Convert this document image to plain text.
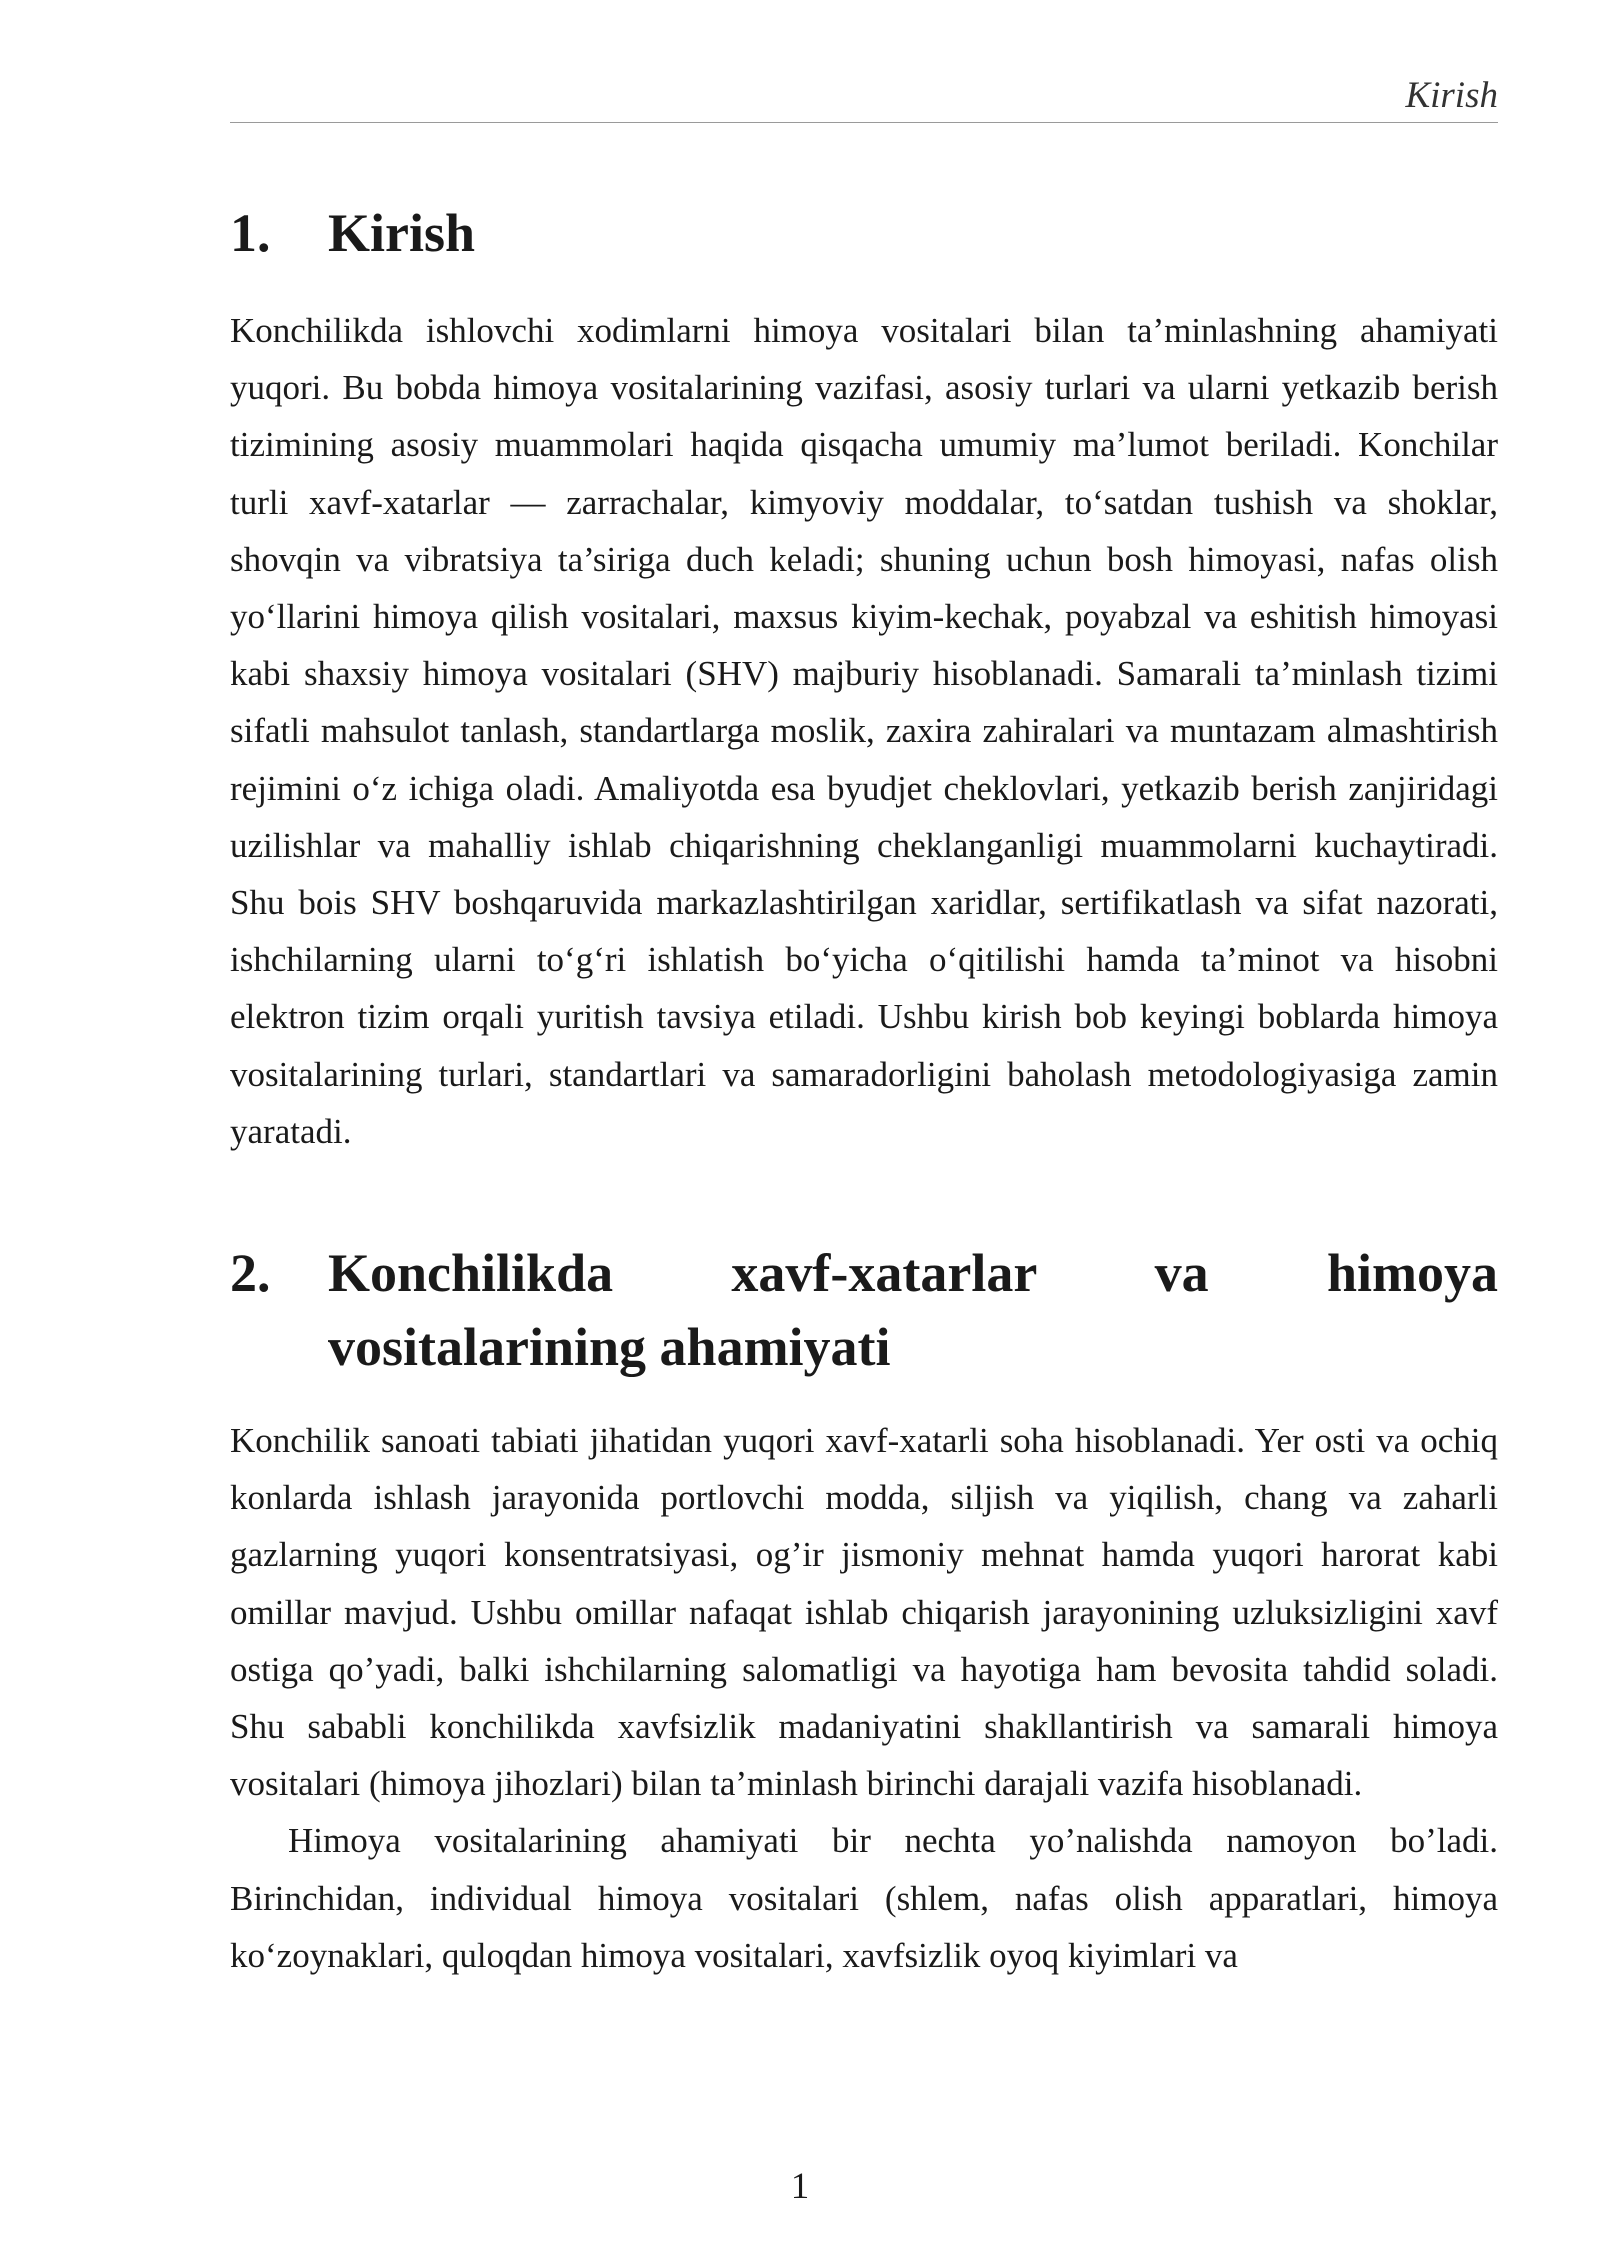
Kirish
1.	Kirish

Konchilikda ishlovchi xodimlarni himoya vositalari bilan ta’minlashning ahamiyati yuqori. Bu bobda himoya vositalarining vazifasi, asosiy turlari va ularni yetkazib berish tizimining asosiy muammolari haqida qisqacha umumiy ma’lumot beriladi. Konchilar turli xavf-xatarlar — zarrachalar, kimyoviy moddalar, to‘satdan tushish va shoklar, shovqin va vibratsiya ta’siriga duch keladi; shuning uchun bosh himoyasi, nafas olish yo‘llarini himoya qilish vositalari, maxsus kiyim-kechak, poyabzal va eshitish himoyasi kabi shaxsiy himoya vositalari (SHV) majburiy hisoblanadi. Samarali ta’minlash tizimi sifatli mahsulot tanlash, standartlarga moslik, zaxira zahiralari va muntazam almashtirish rejimini o‘z ichiga oladi. Amaliyotda esa byudjet cheklovlari, yetkazib berish zanjiridagi uzilishlar va mahalliy ishlab chiqarishning cheklanganligi muammolarni kuchaytiradi. Shu bois SHV boshqaruvida markazlashtirilgan xaridlar, sertifikatlash va sifat nazorati, ishchilarning ularni to‘g‘ri ishlatish bo‘yicha o‘qitilishi hamda ta’minot va hisobni elektron tizim orqali yuritish tavsiya etiladi. Ushbu kirish bob keyingi boblarda himoya vositalarining turlari, standartlari va samaradorligini baholash metodologiyasiga zamin yaratadi.

2.	Konchilikda xavf-xatarlar va himoya vositalarining ahamiyati

Konchilik sanoati tabiati jihatidan yuqori xavf-xatarli soha hisoblanadi. Yer osti va ochiq konlarda ishlash jarayonida portlovchi modda, siljish va yiqilish, chang va zaharli gazlarning yuqori konsentratsiyasi, og’ir jismoniy mehnat hamda yuqori harorat kabi omillar mavjud. Ushbu omillar nafaqat ishlab chiqarish jarayonining uzluksizligini xavf ostiga qo’yadi, balki ishchilarning salomatligi va hayotiga ham bevosita tahdid soladi. Shu sababli konchilikda xavfsizlik madaniyatini shakllantirish va samarali himoya vositalari (himoya jihozlari) bilan ta’minlash birinchi darajali vazifa hisoblanadi.

Himoya vositalarining ahamiyati bir nechta yo’nalishda namoyon bo’ladi. Birinchidan, individual himoya vositalari (shlem, nafas olish apparatlari, himoya ko‘zoynaklari, quloqdan himoya vositalari, xavfsizlik oyoq kiyimlari va

1
